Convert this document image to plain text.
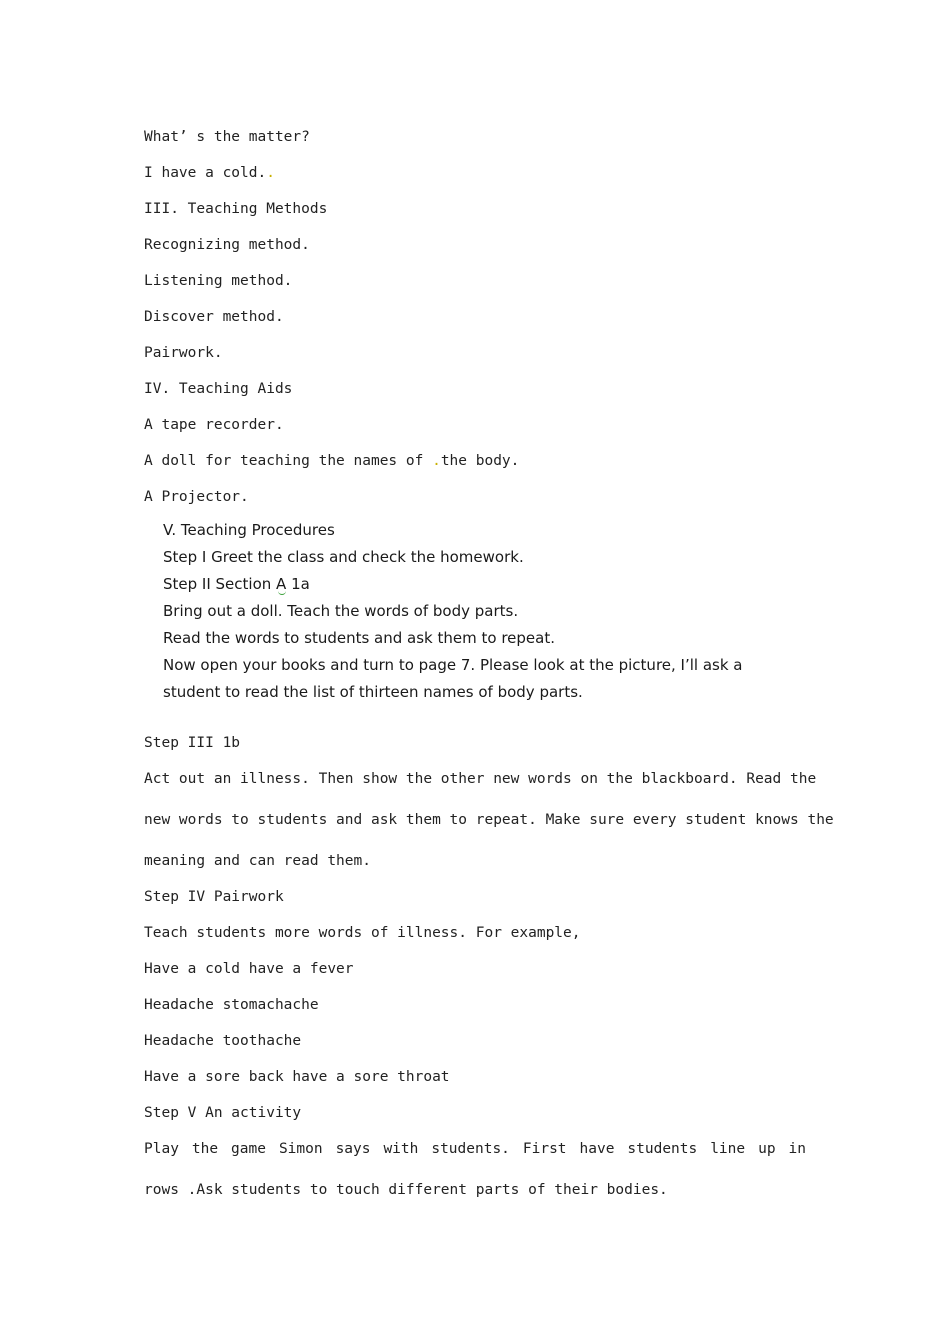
What’ s the matter?
I have a cold..
III. Teaching Methods
Recognizing method.
Listening method.
Discover method.
Pairwork.
IV. Teaching Aids
A tape recorder.
A doll for teaching the names of .the body.
A Projector.
V. Teaching Procedures
Step I Greet the class and check the homework.
Step II Section A 1a
Bring out a doll. Teach the words of body parts.
Read the words to students and ask them to repeat.
Now open your books and turn to page 7. Please look at the picture, I’ll ask a
student to read the list of thirteen names of body parts.
Step III 1b
Act out an illness. Then show the other new words on the blackboard. Read the
new words to students and ask them to repeat. Make sure every student knows the
meaning and can read them.
Step IV Pairwork
Teach students more words of illness. For example,
Have a cold have a fever
Headache stomachache
Headache toothache
Have a sore back have a sore throat
Step V An activity
Play the game Simon says with students. First have students line up in
rows .Ask students to touch different parts of their bodies.
